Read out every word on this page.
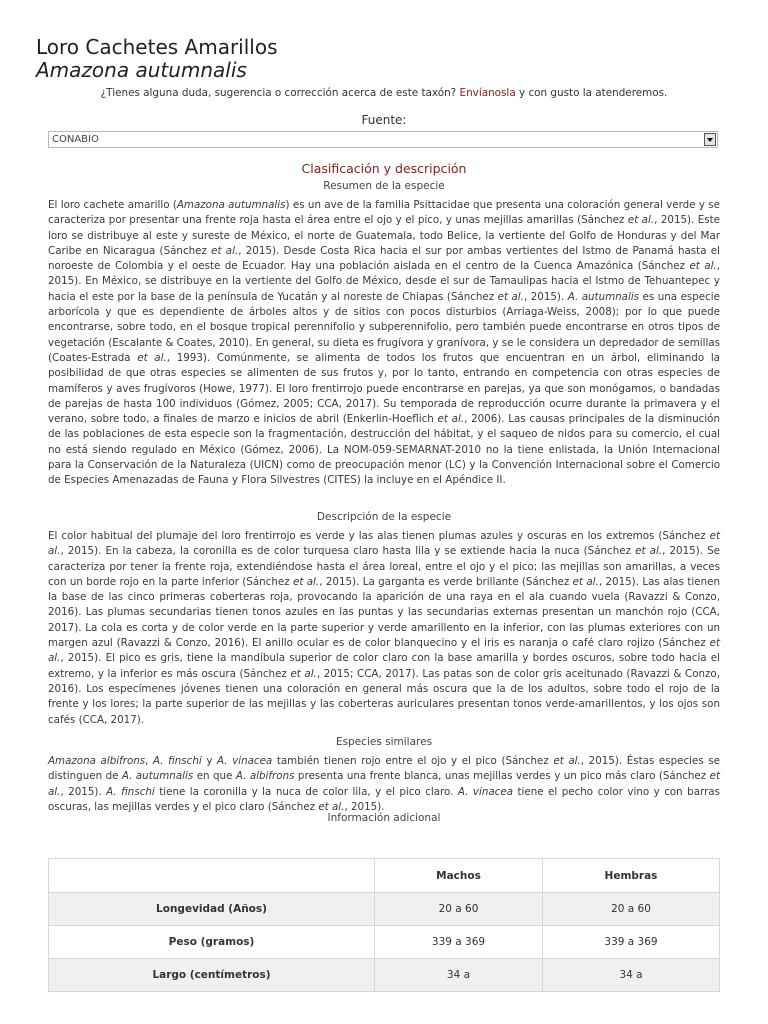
Loro Cachetes Amarillos
Amazona autumnalis
¿Tienes alguna duda, sugerencia o corrección acerca de este taxón? Envíanosla y con gusto la atenderemos.
Fuente:
CONABIO
Clasificación y descripción
Resumen de la especie

El loro cachete amarillo (Amazona autumnalis) es un ave de la familia Psittacidae que presenta una coloración general verde y se caracteriza por presentar una frente roja hasta el área entre el ojo y el pico, y unas mejillas amarillas (Sánchez et al., 2015). Este loro se distribuye al este y sureste de México, el norte de Guatemala, todo Belice, la vertiente del Golfo de Honduras y del Mar Caribe en Nicaragua (Sánchez et al., 2015). Desde Costa Rica hacia el sur por ambas vertientes del Istmo de Panamá hasta el noroeste de Colombia y el oeste de Ecuador. Hay una población aislada en el centro de la Cuenca Amazónica (Sánchez et al., 2015). En México, se distribuye en la vertiente del Golfo de México, desde el sur de Tamaulipas hacia el Istmo de Tehuantepec y hacia el este por la base de la península de Yucatán y al noreste de Chiapas (Sánchez et al., 2015). A. autumnalis es una especie arborícola y que es dependiente de árboles altos y de sitios con pocos disturbios (Arriaga-Weiss, 2008); por lo que puede encontrarse, sobre todo, en el bosque tropical perennifolio y subperennifolio, pero también puede encontrarse en otros tipos de vegetación (Escalante & Coates, 2010). En general, su dieta es frugívora y granívora, y se le considera un depredador de semillas (Coates-Estrada et al., 1993). Comúnmente, se alimenta de todos los frutos que encuentran en un árbol, eliminando la posibilidad de que otras especies se alimenten de sus frutos y, por lo tanto, entrando en competencia con otras especies de mamíferos y aves frugívoros (Howe, 1977). El loro frentirrojo puede encontrarse en parejas, ya que son monógamos, o bandadas de parejas de hasta 100 individuos (Gómez, 2005; CCA, 2017). Su temporada de reproducción ocurre durante la primavera y el verano, sobre todo, a finales de marzo e inicios de abril (Enkerlin-Hoeflich et al., 2006). Las causas principales de la disminución de las poblaciones de esta especie son la fragmentación, destrucción del hábitat, y el saqueo de nidos para su comercio, el cual no está siendo regulado en México (Gómez, 2006). La NOM-059-SEMARNAT-2010 no la tiene enlistada, la Unión Internacional para la Conservación de la Naturaleza (UICN) como de preocupación menor (LC) y la Convención Internacional sobre el Comercio de Especies Amenazadas de Fauna y Flora Silvestres (CITES) la incluye en el Apéndice II.

Descripción de la especie

El color habitual del plumaje del loro frentirrojo es verde y las alas tienen plumas azules y oscuras en los extremos (Sánchez et al., 2015). En la cabeza, la coronilla es de color turquesa claro hasta lila y se extiende hacia la nuca (Sánchez et al., 2015). Se caracteriza por tener la frente roja, extendiéndose hasta el área loreal, entre el ojo y el pico; las mejillas son amarillas, a veces con un borde rojo en la parte inferior (Sánchez et al., 2015). La garganta es verde brillante (Sánchez et al., 2015). Las alas tienen la base de las cinco primeras coberteras roja, provocando la aparición de una raya en el ala cuando vuela (Ravazzi & Conzo, 2016). Las plumas secundarias tienen tonos azules en las puntas y las secundarias externas presentan un manchón rojo (CCA, 2017). La cola es corta y de color verde en la parte superior y verde amarillento en la inferior, con las plumas exteriores con un margen azul (Ravazzi & Conzo, 2016). El anillo ocular es de color blanquecino y el iris es naranja o café claro rojizo (Sánchez et al., 2015). El pico es gris, tiene la mandíbula superior de color claro con la base amarilla y bordes oscuros, sobre todo hacia el extremo, y la inferior es más oscura (Sánchez et al., 2015; CCA, 2017). Las patas son de color gris aceitunado (Ravazzi & Conzo, 2016). Los especímenes jóvenes tienen una coloración en general más oscura que la de los adultos, sobre todo el rojo de la frente y los lores; la parte superior de las mejillas y las coberteras auriculares presentan tonos verde-amarillentos, y los ojos son cafés (CCA, 2017).

Especies similares

Amazona albifrons, A. finschi y A. vinacea también tienen rojo entre el ojo y el pico (Sánchez et al., 2015). Éstas especies se distinguen de A. autumnalis en que A. albifrons presenta una frente blanca, unas mejillas verdes y un pico más claro (Sánchez et al., 2015). A. finschi tiene la coronilla y la nuca de color lila, y el pico claro. A. vinacea tiene el pecho color vino y con barras oscuras, las mejillas verdes y el pico claro (Sánchez et al., 2015).

Información adicional
	Machos	Hembras
Longevidad (Años)	20 a 60	20 a 60
Peso (gramos)	339 a 369	339 a 369
Largo (centímetros)	34 a	34 a
